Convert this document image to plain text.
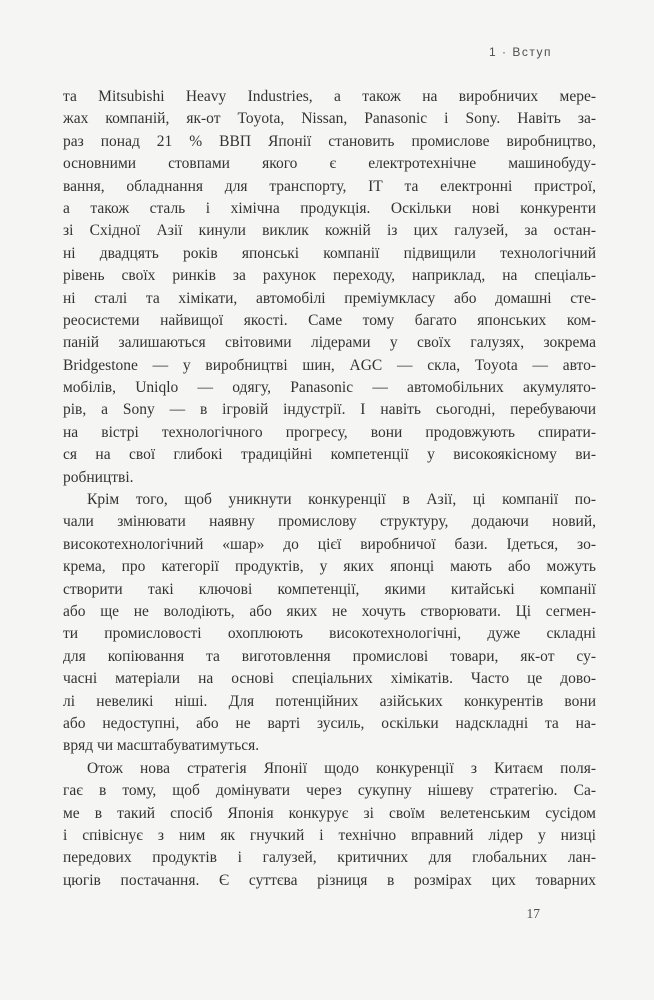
1 · Вступ
та Mitsubishi Heavy Industries, а також на виробничих мере-
жах компаній, як-от Toyota, Nissan, Panasonic і Sony. Навіть за-
раз понад 21 % ВВП Японії становить промислове виробництво,
основними стовпами якого є електротехнічне машинобуду-
вання, обладнання для транспорту, ІТ та електронні пристрої,
а також сталь і хімічна продукція. Оскільки нові конкуренти
зі Східної Азії кинули виклик кожній із цих галузей, за остан-
ні двадцять років японські компанії підвищили технологічний
рівень своїх ринків за рахунок переходу, наприклад, на спеціаль-
ні сталі та хімікати, автомобілі преміумкласу або домашні сте-
реосистеми найвищої якості. Саме тому багато японських ком-
паній залишаються світовими лідерами у своїх галузях, зокрема
Bridgestone — у виробництві шин, AGC — скла, Toyota — авто-
мобілів, Uniqlo — одягу, Panasonic — автомобільних акумулято-
рів, а Sony — в ігровій індустрії. І навіть сьогодні, перебуваючи
на вістрі технологічного прогресу, вони продовжують спирати-
ся на свої глибокі традиційні компетенції у високоякісному ви-
робництві.
Крім того, щоб уникнути конкуренції в Азії, ці компанії по-
чали змінювати наявну промислову структуру, додаючи новий,
високотехнологічний «шар» до цієї виробничої бази. Ідеться, зо-
крема, про категорії продуктів, у яких японці мають або можуть
створити такі ключові компетенції, якими китайські компанії
або ще не володіють, або яких не хочуть створювати. Ці сегмен-
ти промисловості охоплюють високотехнологічні, дуже складні
для копіювання та виготовлення промислові товари, як-от су-
часні матеріали на основі спеціальних хімікатів. Часто це дово-
лі невеликі ніші. Для потенційних азійських конкурентів вони
або недоступні, або не варті зусиль, оскільки надскладні та на-
вряд чи масштабуватимуться.
Отож нова стратегія Японії щодо конкуренції з Китаєм поля-
гає в тому, щоб домінувати через сукупну нішеву стратегію. Са-
ме в такий спосіб Японія конкурує зі своїм велетенським сусідом
і співіснує з ним як гнучкий і технічно вправний лідер у низці
передових продуктів і галузей, критичних для глобальних лан-
цюгів постачання. Є суттєва різниця в розмірах цих товарних
17
